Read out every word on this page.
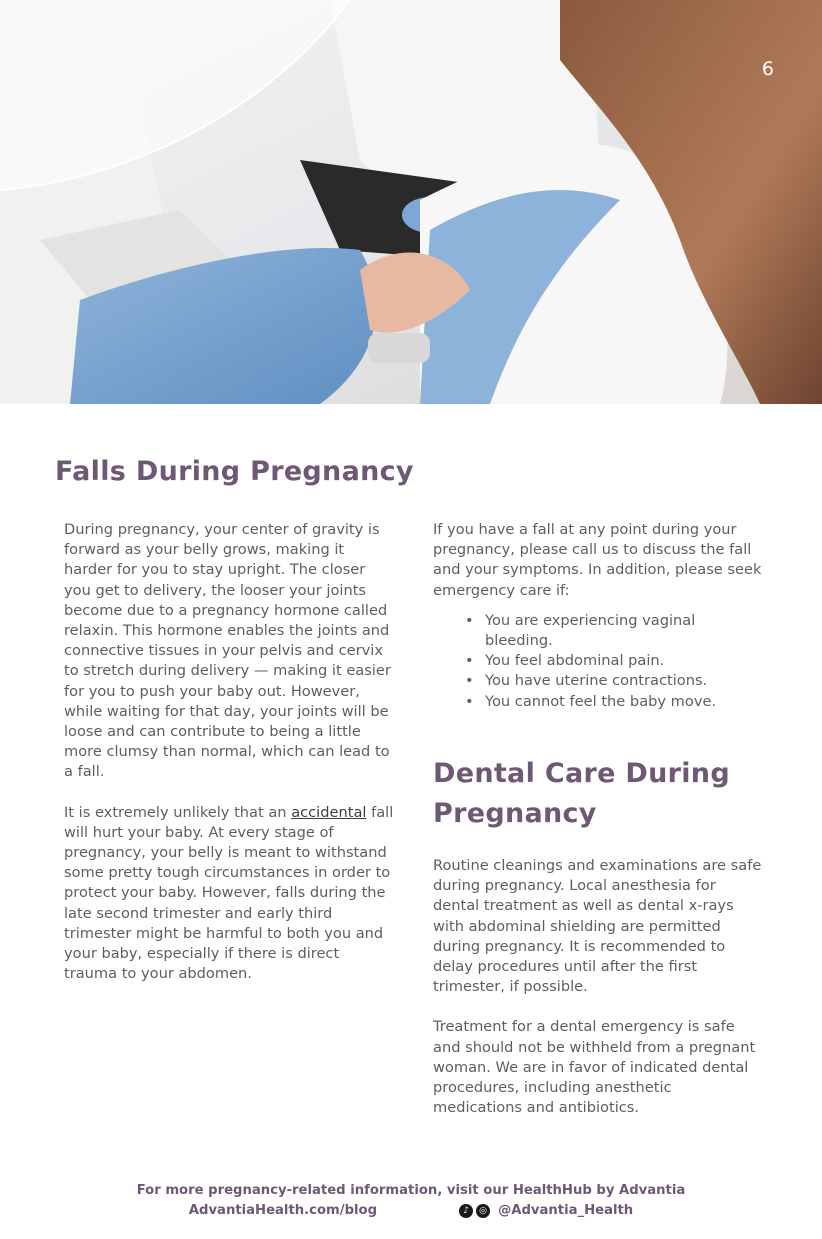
6
Falls During Pregnancy

During pregnancy, your center of gravity is forward as your belly grows, making it harder for you to stay upright. The closer you get to delivery, the looser your joints become due to a pregnancy hormone called relaxin. This hormone enables the joints and connective tissues in your pelvis and cervix to stretch during delivery — making it easier for you to push your baby out. However, while waiting for that day, your joints will be loose and can contribute to being a little more clumsy than normal, which can lead to a fall.

It is extremely unlikely that an accidental fall will hurt your baby. At every stage of pregnancy, your belly is meant to withstand some pretty tough circumstances in order to protect your baby. However, falls during the late second trimester and early third trimester might be harmful to both you and your baby, especially if there is direct trauma to your abdomen.

If you have a fall at any point during your pregnancy, please call us to discuss the fall and your symptoms. In addition, please seek emergency care if:

• You are experiencing vaginal bleeding.
• You feel abdominal pain.
• You have uterine contractions.
• You cannot feel the baby move.
Dental Care During Pregnancy

Routine cleanings and examinations are safe during pregnancy. Local anesthesia for dental treatment as well as dental x-rays with abdominal shielding are permitted during pregnancy. It is recommended to delay procedures until after the first trimester, if possible.

Treatment for a dental emergency is safe and should not be withheld from a pregnant woman. We are in favor of indicated dental procedures, including anesthetic medications and antibiotics.

For more pregnancy-related information, visit our HealthHub by Advantia
AdvantiaHealth.com/blog	♪	◎ @Advantia_Health
